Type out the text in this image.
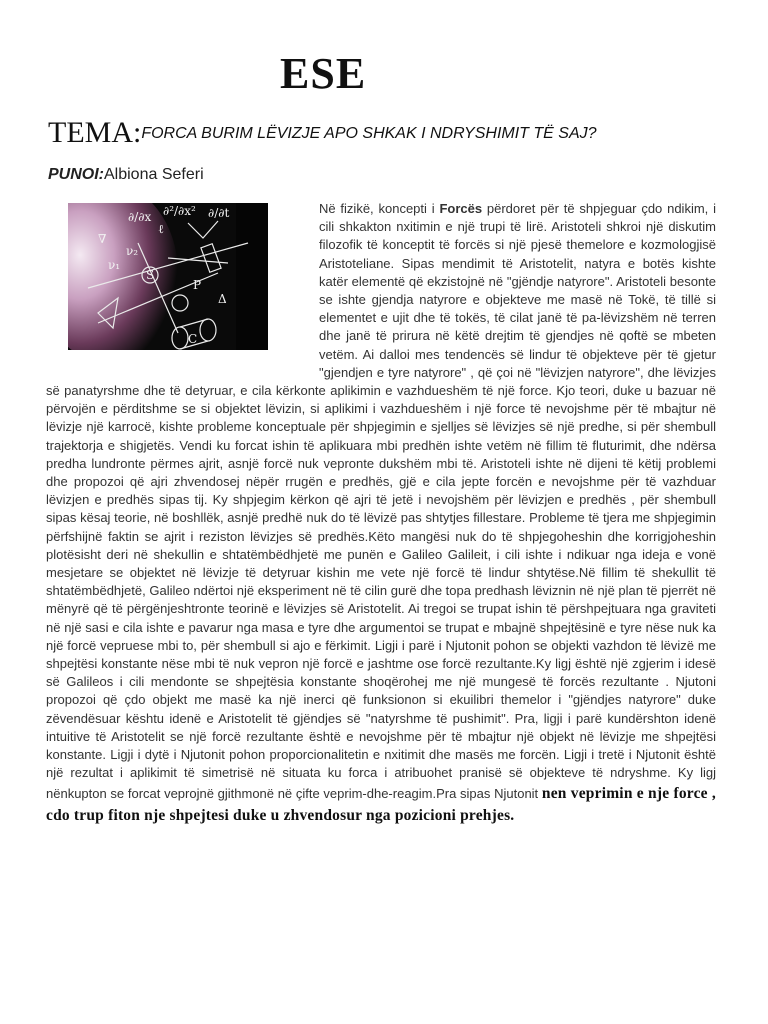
ESE
TEMA:FORCA BURIM LËVIZJE APO SHKAK I NDRYSHIMIT TË SAJ?
PUNOI:Albiona Seferi
∂/∂x ∂²/∂x² ∂/∂t
ν₂
S
P
ν₁
Δ
C
ℓ
∇

Në fizikë, koncepti i Forcës përdoret për të shpjeguar çdo ndikim, i cili shkakton nxitimin e një trupi të lirë. Aristoteli shkroi një diskutim filozofik të konceptit të forcës si një pjesë themelore e kozmologjisë Aristoteliane. Sipas mendimit të Aristotelit, natyra e botës kishte katër elementë që ekzistojnë në "gjëndje natyrore". Aristoteli besonte se ishte gjendja natyrore e objekteve me masë në Tokë, të tillë si elementet e ujit dhe të tokës, të cilat janë të pa-lëvizshëm në terren dhe janë të prirura në këtë drejtim të gjendjes në qoftë se mbeten vetëm. Ai dalloi mes tendencës së lindur të objekteve për të gjetur "gjendjen e tyre natyrore" , që çoi në "lëvizjen natyrore", dhe lëvizjes së panatyrshme dhe të detyruar, e cila kërkonte aplikimin e vazhdueshëm të një force. Kjo teori, duke u bazuar në përvojën e përditshme se si objektet lëvizin, si aplikimi i vazhdueshëm i një force të nevojshme për të mbajtur në lëvizje një karrocë, kishte probleme konceptuale për shpjegimin e sjelljes së lëvizjes së një predhe, si për shembull trajektorja e shigjetës. Vendi ku forcat ishin të aplikuara mbi predhën ishte vetëm në fillim të fluturimit, dhe ndërsa predha lundronte përmes ajrit, asnjë forcë nuk vepronte dukshëm mbi të. Aristoteli ishte në dijeni të këtij problemi dhe propozoi që ajri zhvendosej nëpër rrugën e predhës, gjë e cila jepte forcën e nevojshme për të vazhduar lëvizjen e predhës sipas tij. Ky shpjegim kërkon që ajri të jetë i nevojshëm për lëvizjen e predhës , për shembull sipas kësaj teorie, në boshllëk, asnjë predhë nuk do të lëvizë pas shtytjes fillestare. Probleme të tjera me shpjegimin përfshijnë faktin se ajrit i reziston lëvizjes së predhës.Këto mangësi nuk do të shpjegoheshin dhe korrigjoheshin plotësisht deri në shekullin e shtatëmbëdhjetë me punën e Galileo Galileit, i cili ishte i ndikuar nga ideja e vonë mesjetare se objektet në lëvizje të detyruar kishin me vete një forcë të lindur shtytëse.Në fillim të shekullit të shtatëmbëdhjetë, Galileo ndërtoi një eksperiment në të cilin gurë dhe topa predhash lëviznin në një plan të pjerrët në mënyrë që të përgënjeshtronte teorinë e lëvizjes së Aristotelit. Ai tregoi se trupat ishin të përshpejtuara nga graviteti në një sasi e cila ishte e pavarur nga masa e tyre dhe argumentoi se trupat e mbajnë shpejtësinë e tyre nëse nuk ka një forcë vepruese mbi to, për shembull si ajo e fërkimit. Ligji i parë i Njutonit pohon se objekti vazhdon të lëvizë me shpejtësi konstante nëse mbi të nuk vepron një forcë e jashtme ose forcë rezultante.Ky ligj është një zgjerim i idesë së Galileos i cili mendonte se shpejtësia konstante shoqërohej me një mungesë të forcës rezultante . Njutoni propozoi që çdo objekt me masë ka një inerci që funksionon si ekuilibri themelor i "gjëndjes natyrore" duke zëvendësuar kështu idenë e Aristotelit të gjëndjes së "natyrshme të pushimit". Pra, ligji i parë kundërshton idenë intuitive të Aristotelit se një forcë rezultante është e nevojshme për të mbajtur një objekt në lëvizje me shpejtësi konstante. Ligji i dytë i Njutonit pohon proporcionalitetin e nxitimit dhe masës me forcën. Ligji i tretë i Njutonit është një rezultat i aplikimit të simetrisë në situata ku forca i atribuohet pranisë së objekteve të ndryshme. Ky ligj nënkupton se forcat veprojnë gjithmonë në çifte veprim-dhe-reagim.Pra sipas Njutonit nen veprimin e nje force , cdo trup fiton nje shpejtesi duke u zhvendosur nga pozicioni prehjes.
